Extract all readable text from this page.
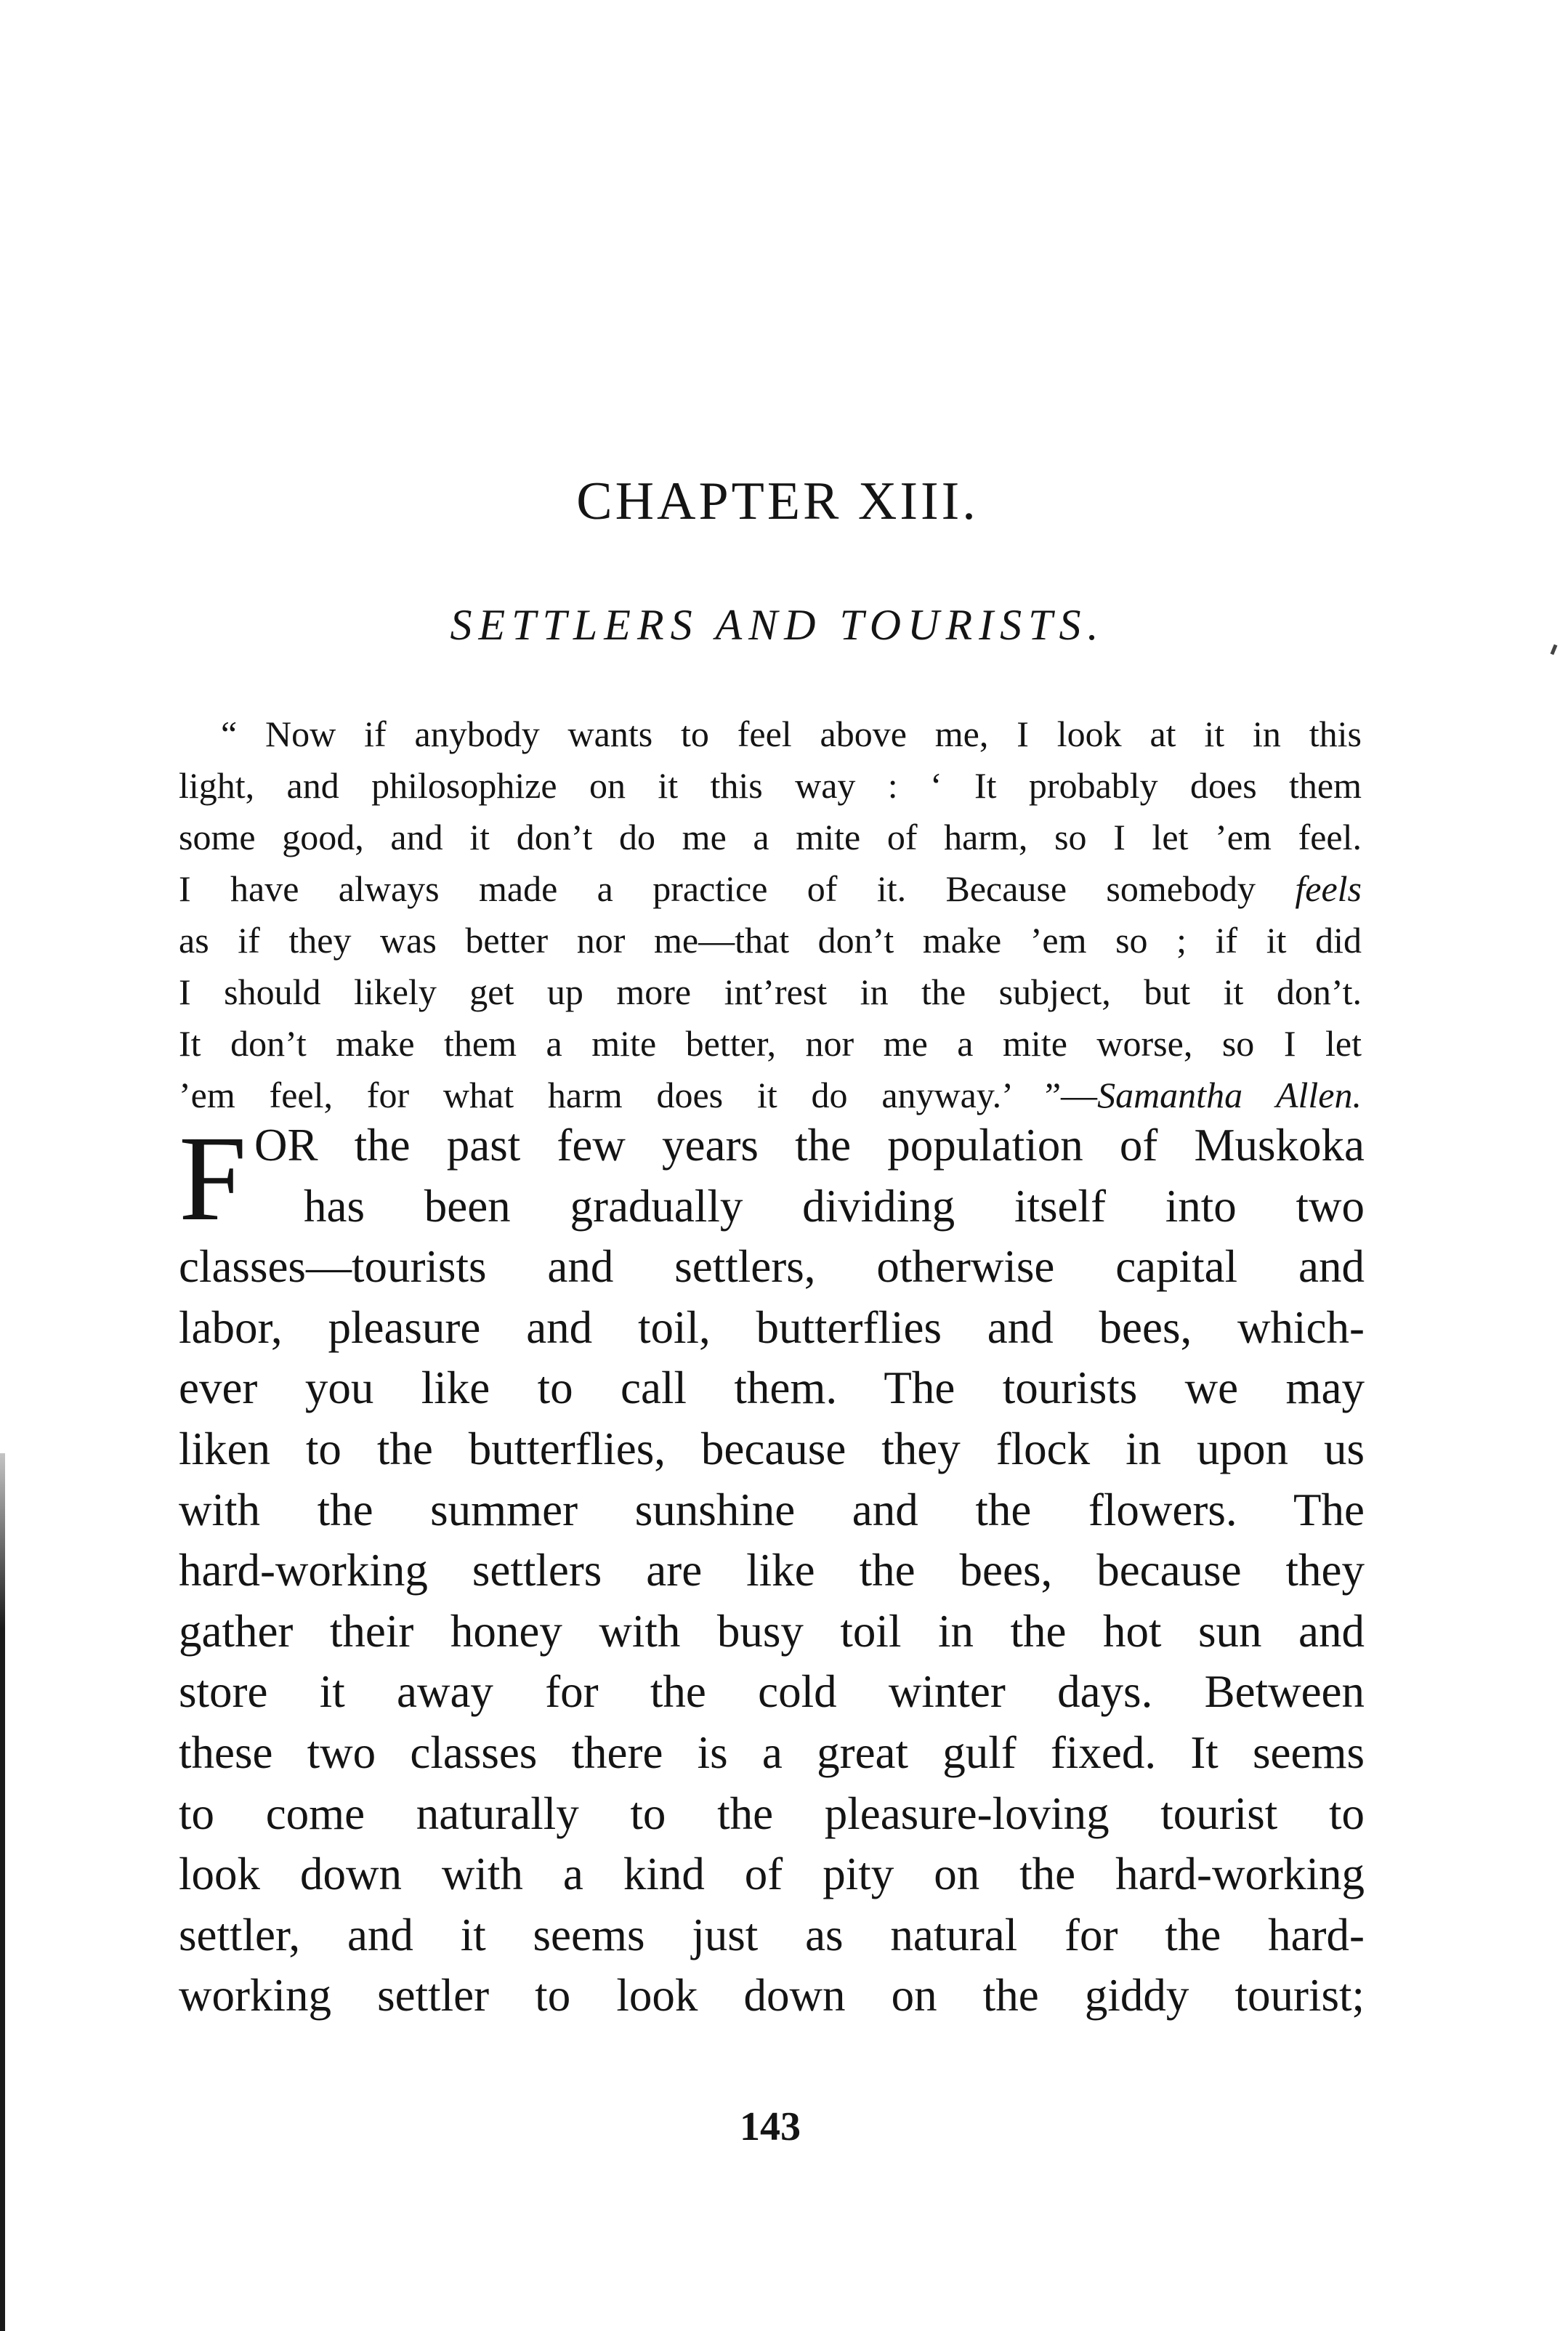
CHAPTER XIII.
SETTLERS AND TOURISTS.
“ Now if anybody wants to feel above me, I look at it in this
light, and philosophize on it this way : ‘ It probably does them
some good, and it don’t do me a mite of harm, so I let ’em feel.
I have always made a practice of it. Because somebody feels
as if they was better nor me—that don’t make ’em so ; if it did
I should likely get up more int’rest in the subject, but it don’t.
It don’t make them a mite better, nor me a mite worse, so I let
’em feel, for what harm does it do anyway.’ ”—Samantha Allen.
F OR the past few years the population of Muskoka
has been gradually dividing itself into two
classes—tourists and settlers, otherwise capital and
labor, pleasure and toil, butterflies and bees, which-
ever you like to call them. The tourists we may
liken to the butterflies, because they flock in upon us
with the summer sunshine and the flowers. The
hard-working settlers are like the bees, because they
gather their honey with busy toil in the hot sun and
store it away for the cold winter days. Between
these two classes there is a great gulf fixed. It seems
to come naturally to the pleasure-loving tourist to
look down with a kind of pity on the hard-working
settler, and it seems just as natural for the hard-
working settler to look down on the giddy tourist;
143
